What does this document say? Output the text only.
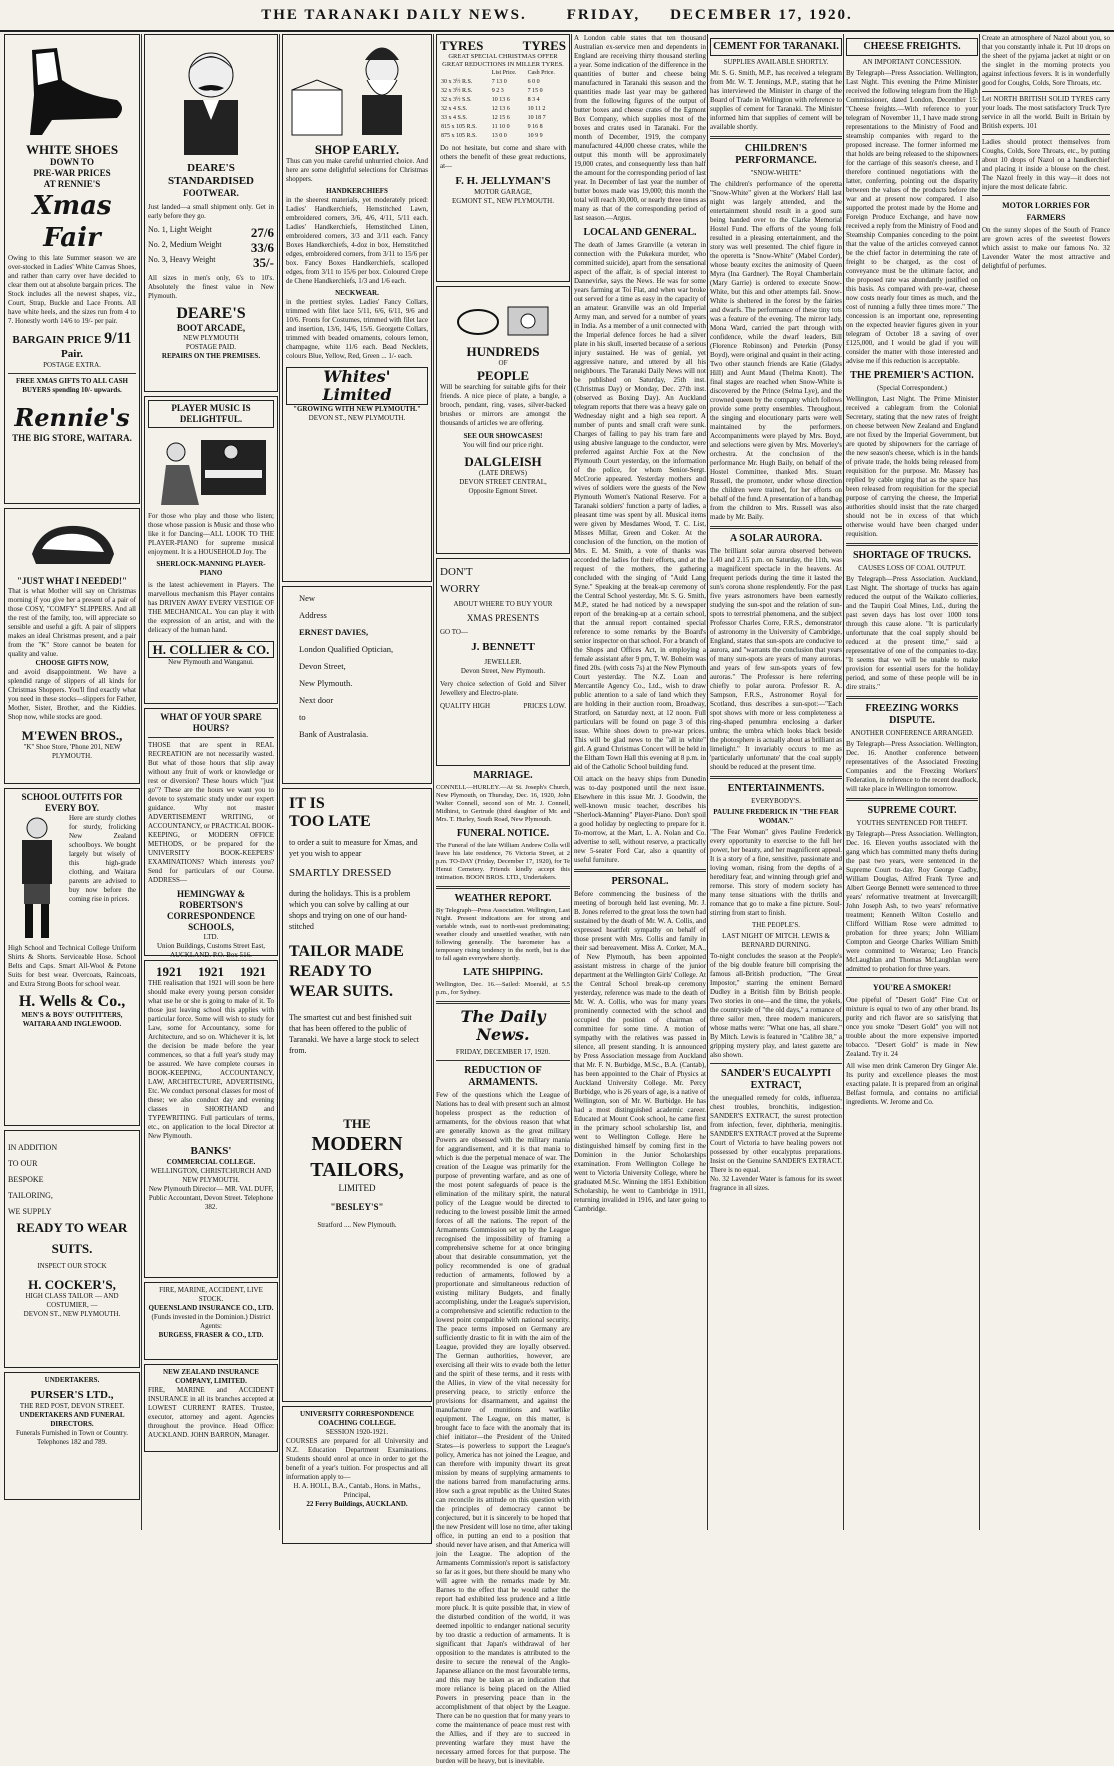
THE TARANAKI DAILY NEWS.	FRIDAY, DECEMBER 17, 1920.
WHITE SHOES
DOWN TO
PRE-WAR PRICES
AT RENNIE'S
Xmas Fair
Owing to this late Summer season we are over-stocked in Ladies' White Canvas Shoes, and rather than carry over have decided to clear them out at absolute bargain prices. The Stock includes all the newest shapes, viz., Court, Strap, Buckle and Lace Fronts. All have white heels, and the sizes run from 4 to 7. Honestly worth 14/6 to 19/- per pair.
BARGAIN PRICE 9/11 Pair.
POSTAGE EXTRA.
FREE XMAS GIFTS TO ALL CASH BUYERS spending 10/- upwards.
Rennie's
THE BIG STORE, WAITARA.
"JUST WHAT I NEEDED!"
That is what Mother will say on Christmas morning if you give her a present of a pair of those COSY, "COMFY" SLIPPERS. And all the rest of the family, too, will appreciate so sensible and useful a gift. A pair of slippers makes an ideal Christmas present, and a pair from the "K" Store cannot be beaten for quality and value.
CHOOSE GIFTS NOW,
and avoid disappointment. We have a splendid range of slippers of all kinds for Christmas Shoppers. You'll find exactly what you need in these stocks—slippers for Father, Mother, Sister, Brother, and the Kiddies. Shop now, while stocks are good.
M'EWEN BROS.,
"K" Shoe Store, 'Phone 201, NEW PLYMOUTH.
SCHOOL OUTFITS FOR EVERY BOY.
Here are sturdy clothes for sturdy, frolicking New Zealand schoolboys. We bought largely but wisely of this high-grade clothing, and Waitara parents are advised to buy now before the coming rise in prices.
High School and Technical College Uniform Shirts & Shorts. Serviceable Hose. School Belts and Caps. Smart All-Wool & Petone Suits for best wear. Overcoats, Raincoats, and Extra Strong Boots for school wear.
H. Wells & Co.,
MEN'S & BOYS' OUTFITTERS,
WAITARA AND INGLEWOOD.
IN ADDITION
TO OUR
BESPOKE
TAILORING,
WE SUPPLY
READY TO WEAR
SUITS.
INSPECT OUR STOCK
H. COCKER'S,
HIGH CLASS TAILOR — AND COSTUMIER, —
DEVON ST., NEW PLYMOUTH.
UNDERTAKERS.
PURSER'S LTD.,
THE RED POST, DEVON STREET.
UNDERTAKERS AND FUNERAL DIRECTORS.
Funerals Furnished in Town or Country. Telephones 182 and 789.
DEARE'S
STANDARDISED
FOOTWEAR.
Just landed—a small shipment only. Get in early before they go.
No. 1, Light Weight	27/6
No. 2, Medium Weight 33/6
No. 3, Heavy Weight	35/-
All sizes in men's only, 6's to 10's. Absolutely the finest value in New Plymouth.
DEARE'S
BOOT ARCADE,
NEW PLYMOUTH
POSTAGE PAID.
REPAIRS ON THE PREMISES.
PLAYER MUSIC IS DELIGHTFUL.
For those who play and those who listen; those whose passion is Music and those who like it for Dancing—ALL LOOK TO THE PLAYER-PIANO for supreme musical enjoyment. It is a HOUSEHOLD Joy. The
SHERLOCK-MANNING PLAYER-PIANO
is the latest achievement in Players. The marvellous mechanism this Player contains has DRIVEN AWAY EVERY VESTIGE OF THE MECHANICAL. You can play it with the expression of an artist, and with the delicacy of the human hand.
H. COLLIER & CO.
New Plymouth and Wanganui.
WHAT OF YOUR SPARE HOURS?
THOSE that are spent in REAL RECREATION are not necessarily wasted. But what of those hours that slip away without any fruit of work or knowledge or rest or diversion? These hours which "just go"? These are the hours we want you to devote to systematic study under our expert guidance. Why not master ADVERTISEMENT WRITING, or ACCOUNTANCY, or PRACTICAL BOOK-KEEPING, or MODERN OFFICE METHODS, or be prepared for the UNIVERSITY BOOK-KEEPERS' EXAMINATIONS? Which interests you? Send for particulars of our Course. ADDRESS—
HEMINGWAY & ROBERTSON'S CORRESPONDENCE SCHOOLS,
LTD.
Union Buildings, Customs Street East, AUCKLAND. P.O. Box 516.
1921 1921 1921
THE realisation that 1921 will soon be here should make every young person consider what use he or she is going to make of it. To those just leaving school this applies with particular force. Some will wish to study for Law, some for Accountancy, some for Architecture, and so on. Whichever it is, let the decision be made before the year commences, so that a full year's study may be assured. We have complete courses in BOOK-KEEPING, ACCOUNTANCY, LAW, ARCHITECTURE, ADVERTISING, Etc. We conduct personal classes for most of these; we also conduct day and evening classes in SHORTHAND and TYPEWRITING. Full particulars of terms, etc., on application to the local Director at New Plymouth.
BANKS'
COMMERCIAL COLLEGE.
WELLINGTON, CHRISTCHURCH AND NEW PLYMOUTH.
New Plymouth Director— MR. VAL DUFF, Public Accountant, Devon Street. Telephone 382.
FIRE, MARINE, ACCIDENT, LIVE STOCK.
QUEENSLAND INSURANCE CO., LTD.
(Funds invested in the Dominion.) District Agents:
BURGESS, FRASER & CO., LTD.
NEW ZEALAND INSURANCE COMPANY, LIMITED.
FIRE, MARINE and ACCIDENT INSURANCE in all its branches accepted at LOWEST CURRENT RATES. Trustee, executor, attorney and agent. Agencies throughout the province. Head Office: AUCKLAND. JOHN BARRON, Manager.
SHOP EARLY.
Thus can you make careful unhurried choice. And here are some delightful selections for Christmas shoppers.
HANDKERCHIEFS
in the sheerest materials, yet moderately priced: Ladies' Handkerchiefs, Hemstitched Lawn, embroidered corners, 3/6, 4/6, 4/11, 5/11 each. Ladies' Handkerchiefs, Hemstitched Linen, embroidered corners, 3/3 and 3/11 each. Fancy Boxes Handkerchiefs, 4-doz in box, Hemstitched edges, embroidered corners, from 3/11 to 15/6 per box. Fancy Boxes Handkerchiefs, scalloped edges, from 3/11 to 15/6 per box. Coloured Crepe de Chene Handkerchiefs, 1/3 and 1/6 each.
NECKWEAR.
in the prettiest styles. Ladies' Fancy Collars, trimmed with filet lace 5/11, 6/6, 6/11, 9/6 and 10/6. Fronts for Costumes, trimmed with filet lace and insertion, 13/6, 14/6, 15/6. Georgette Collars, trimmed with beaded ornaments, colours lemon, champagne, white 11/6 each. Bead Necklets, colours Blue, Yellow, Red, Green ... 1/- each.
Whites' Limited
"GROWING WITH NEW PLYMOUTH."
DEVON ST., NEW PLYMOUTH.
New
Address
ERNEST DAVIES,
London Qualified Optician,
Devon Street,
New Plymouth.
Next door
to
Bank of Australasia.
IT IS
TOO LATE
to order a suit to measure for Xmas, and yet you wish to appear
SMARTLY DRESSED
during the holidays. This is a problem which you can solve by calling at our shops and trying on one of our hand-stitched
TAILOR MADE READY TO WEAR SUITS.
The smartest cut and best finished suit that has been offered to the public of Taranaki. We have a large stock to select from.
THE
MODERN TAILORS,
LIMITED
"BESLEY'S"
Stratford .... New Plymouth.
UNIVERSITY CORRESPONDENCE COACHING COLLEGE.
SESSION 1920-1921.
COURSES are prepared for all University and N.Z. Education Department Examinations. Students should enrol at once in order to get the benefit of a year's tuition. For prospectus and all information apply to—
H. A. HOLL, B.A., Cantab., Hons. in Maths., Principal,
22 Ferry Buildings, AUCKLAND.
TYRES	TYRES
GREAT SPECIAL CHRISTMAS OFFER GREAT REDUCTIONS IN MILLER TYRES.
	List Price.	Cash Price.
30 x 3½ R.S.	7 13 0	6 0 0
32 x 3½ R.S.	9 2 3	7 15 0
32 x 3½ S.S.	10 13 6	8 3 4
32 x 4 S.S.	12 13 6	10 11 2
33 x 4 S.S.	12 15 6	10 18 7
815 x 105 R.S.	11 10 0	9 16 8
875 x 105 R.S.	13 0 0	10 9 9
Do not hesitate, but come and share with others the benefit of these great reductions, at—
F. H. JELLYMAN'S
MOTOR GARAGE,
EGMONT ST., NEW PLYMOUTH.
HUNDREDS
OF
PEOPLE
Will be searching for suitable gifts for their friends. A nice piece of plate, a bangle, a brooch, pendant, ring, vases, silver-backed brushes or mirrors are amongst the thousands of articles we are offering.
SEE OUR SHOWCASES!
You will find our price right.
DALGLEISH
(LATE DREWS)
DEVON STREET CENTRAL,
Opposite Egmont Street.
DON'T
WORRY
ABOUT WHERE TO BUY YOUR
XMAS PRESENTS
GO TO—
J. BENNETT
JEWELLER.
Devon Street, New Plymouth.
Very choice selection of Gold and Silver Jewellery and Electro-plate.
QUALITY HIGH	PRICES LOW.
MARRIAGE.
CONNELL—HURLEY.—At St. Joseph's Church, New Plymouth, on Thursday, Dec. 16, 1920, John Walter Connell, second son of Mr. J. Connell, Midhirst, to Gertrude (third daughter of Mr. and Mrs. T. Hurley, South Road, New Plymouth.
FUNERAL NOTICE.
The Funeral of the late William Andrew Colla will leave his late residence, 76 Victoria Street, at 2 p.m. TO-DAY (Friday, December 17, 1920), for Te Henui Cemetery. Friends kindly accept this intimation. BOON BROS. LTD., Undertakers.
WEATHER REPORT.
By Telegraph—Press Association. Wellington, Last Night. Present indications are for strong and variable winds, east to north-east predominating; weather cloudy and unsettled weather, with rain following generally. The barometer has a temporary rising tendency in the north, but is due to fall again everywhere shortly.
LATE SHIPPING.
Wellington, Dec. 16.—Sailed: Moerakl, at 5.5 p.m., for Sydney.
The Daily News.
FRIDAY, DECEMBER 17, 1920.
REDUCTION OF ARMAMENTS.
Few of the questions which the League of Nations has to deal with present such an almost hopeless prospect as the reduction of armaments, for the obvious reason that what are generally known as the great military Powers are obsessed with the military mania for aggrandisement, and it is that mania to which is due the perpetual menace of war. The creation of the League was primarily for the purpose of preventing warfare, and as one of the most potent safeguards of peace is the elimination of the military spirit, the natural policy of the League would be directed to reducing to the lowest possible limit the armed forces of all the nations. The report of the Armaments Commission set up by the League recognised the impossibility of framing a comprehensive scheme for at once bringing about that desirable consummation, yet the policy recommended is one of gradual reduction of armaments, followed by a proportionate and simultaneous reduction of existing military Budgets, and finally accomplishing, under the League's supervision, a comprehensive and scientific reduction to the lowest point compatible with national security. The peace terms imposed on Germany are sufficiently drastic to fit in with the aim of the League, provided they are loyally observed. The German authorities, however, are exercising all their wits to evade both the letter and the spirit of these terms, and it rests with the Allies, in view of the vital necessity for preserving peace, to strictly enforce the provisions for disarmament, and against the manufacture of munitions and warlike equipment. The League, on this matter, is brought face to face with the anomaly that its chief initiator—the President of the United States—is powerless to support the League's policy, America has not joined the League, and can therefore with impunity thwart its great mission by means of supplying armaments to the nations barred from manufacturing arms. How such a great republic as the United States can reconcile its attitude on this question with the principles of democracy cannot be conjectured, but it is sincerely to be hoped that the new President will lose no time, after taking office, in putting an end to a position that should never have arisen, and that America will join the League. The adoption of the Armaments Commission's report is satisfactory so far as it goes, but there should be many who will agree with the remarks made by Mr. Barnes to the effect that he would rather the report had exhibited less prudence and a little more pluck. It is quite possible that, in view of the disturbed condition of the world, it was deemed inpolitic to endanger national security by too drastic a reduction of armaments. It is significant that Japan's withdrawal of her opposition to the mandates is attributed to the desire to secure the renewal of the Anglo-Japanese alliance on the most favourable terms, and this may be taken as an indication that more reliance is being placed on the Allied Powers in preserving peace than in the accomplishment of that object by the League. There can be no question that for many years to come the maintenance of peace must rest with the Allies, and if they are to succeed in preventing warfare they must have the necessary armed forces for that purpose. The burden will be heavy, but is inevitable.
A London cable states that ten thousand Australian ex-service men and dependents in England are receiving thirty thousand sterling a year. Some indication of the difference in the quantities of butter and cheese being manufactured in Taranaki this season and the quantities made last year may be gathered from the following figures of the output of butter boxes and cheese crates of the Egmont Box Company, which supplies most of the boxes and crates used in Taranaki. For the month of December, 1919, the company manufactured 44,000 cheese crates, while the output this month will be approximately 19,000 crates, and consequently less than half the amount for the corresponding period of last year. In December of last year the number of butter boxes made was 19,000; this month the total will reach 30,000, or nearly three times as many as that of the corresponding period of last season.—Argus.
LOCAL AND GENERAL.
The death of James Granville (a veteran in connection with the Pukekura murder, who committed suicide), apart from the sensational aspect of the affair, is of special interest to Dannevirke, says the News. He was for some years farming at Toi Flat, and when war broke out served for a time as easy in the capacity of an amateur. Granville was an old Imperial Army man, and served for a number of years in India. As a member of a unit connected with the Imperial defence forces he had a silver plate in his skull, inserted because of a serious injury sustained. He was of genial, yet aggressive nature, and uttered by all his neighbours. The Taranaki Daily News will not be published on Saturday, 25th inst. (Christmas Day) or Monday, Dec. 27th inst. (observed as Boxing Day). An Auckland telegram reports that there was a heavy gale on Wednesday night and a high sea report. A number of punts and small craft were sunk. Charges of failing to pay his tram fare and using abusive language to the conductor, were preferred against Archie Fox at the New Plymouth Court yesterday, on the information of the police, for whom Senior-Sergt. McCrorie appeared. Yesterday mothers and wives of soldiers were the guests of the New Plymouth Women's National Reserve. For a Taranaki soldiers' function a party of ladies, a pleasant time was spent by all. Musical items were given by Mesdames Wood, T. C. List, Misses Millar, Green and Coker. At the conclusion of the function, on the motion of Mrs. E. M. Smith, a vote of thanks was accorded the ladies for their efforts, and at the request of the mothers, the gathering concluded with the singing of "Auld Lang Syne." Speaking at the break-up ceremony of the Central School yesterday, Mr. S. G. Smith, M.P., stated he had noticed by a newspaper report of the breaking-up at a certain school, that the annual report contained special reference to some remarks by the Board's senior inspector on that school. For a branch of the Shops and Offices Act, in employing a female assistant after 9 pm, T. W. Boheim was fined 20s. (with costs 7s) at the New Plymouth Court yesterday. The N.Z. Loan and Mercantile Agency Co., Ltd., wish to draw public attention to a sale of land which they are holding in their auction room, Broadway, Stratford, on Saturday next, at 12 noon. Full particulars will be found on page 3 of this issue. White shoes down to pre-war prices. This will be glad news to the "all in white" girl. A grand Christmas Concert will be held in the Eltham Town Hall this evening at 8 p.m. in aid of the Catholic School building fund.
Oil attack on the heavy ships from Dunedin was to-day postponed until the next issue. Elsewhere in this issue Mr. J. Goodwin, the well-known music teacher, describes his "Sherlock-Manning" Player-Piano. Don't spoil a good holiday by neglecting to prepare for it. To-morrow, at the Mart, L. A. Nolan and Co. advertise to sell, without reserve, a practically new 5-seater Ford Car, also a quantity of useful furniture.
PERSONAL.
Before commencing the business of the meeting of borough held last evening, Mr. J. B. Jones referred to the great loss the town had sustained by the death of Mr. W. A. Collis, and expressed heartfelt sympathy on behalf of those present with Mrs. Collis and family in their sad bereavement. Miss A. Corker, M.A., of New Plymouth, has been appointed assistant mistress in charge of the junior department at the Wellington Girls' College. At the Central School break-up ceremony yesterday, reference was made to the death of Mr. W. A. Collis, who was for many years prominently connected with the school and occupied the position of chairman of committee for some time. A motion of sympathy with the relatives was passed in silence, all present standing. It is announced by Press Association message from Auckland that Mr. F. N. Burbidge, M.Sc., B.A. (Cantab), has been appointed to the Chair of Physics at Auckland University College. Mr. Percy Burbidge, who is 26 years of age, is a native of Wellington, son of Mr. W. Burbidge. He has had a most distinguished academic career. Educated at Mount Cook school, he came first in the primary school scholarship list, and went to Wellington College. Here he distinguished himself by coming first in the Dominion in the Junior Scholarships examination. From Wellington College he went to Victoria University College, where he graduated M.Sc. Winning the 1851 Exhibition Scholarship, he went to Cambridge in 1911, returning invalided in 1916, and later going to Cambridge.
CEMENT FOR TARANAKI.
SUPPLIES AVAILABLE SHORTLY.
Mr. S. G. Smith, M.P., has received a telegram from Mr. W. T. Jennings, M.P., stating that he has interviewed the Minister in charge of the Board of Trade in Wellington with reference to supplies of cement for Taranaki. The Minister informed him that supplies of cement will be available shortly.
CHILDREN'S PERFORMANCE.
"SNOW-WHITE"
The children's performance of the operetta "Snow-White" given at the Workers' Hall last night was largely attended, and the entertainment should result in a good sum being handed over to the Clarke Memorial Hostel Fund. The efforts of the young folk resulted in a pleasing entertainment, and the story was well presented. The chief figure in the operetta is "Snow-White" (Mabel Corder), whose beauty excites the animosity of Queen Myra (Ina Gardner). The Royal Chamberlain (Mary Garrie) is ordered to execute Snow-White, but this and other attempts fail. Snow-White is sheltered in the forest by the fairies and dwarfs. The performance of these tiny tots was a feature of the evening. The mirror lady, Mona Ward, carried the part through with confidence, while the dwarf leaders, Bill (Florence Robinson) and Peterkin (Ponsy Boyd), were original and quaint in their acting. Two other staunch friends are Katie (Gladys Hill) and Aunt Maud (Thelma Knott). The final stages are reached when Snow-White is discovered by the Prince (Selma Lye), and the crowned queen by the company which follows provide some pretty ensembles. Throughout, the singing and elocutionary parts were well maintained by the performers. Accompaniments were played by Mrs. Boyd, and selections were given by Mrs. Moverley's orchestra. At the conclusion of the performance Mr. Hugh Baily, on behalf of the Hostel Committee, thanked Mrs. Stuart Russell, the promoter, under whose direction the children were trained, for her efforts on behalf of the fund. A presentation of a handbag from the children to Mrs. Russell was also made by Mr. Baily.
A SOLAR AURORA.
The brilliant solar aurora observed between 1.40 and 2.15 p.m. on Saturday, the 11th, was a magnificent spectacle in the heavens. At frequent periods during the time it lasted the sun's corona shone resplendently. For the past five years astronomers have been earnestly studying the sun-spot and the relation of sun-spots to terrestrial phenomena, and the subject Professor Charles Corre, F.R.S., demonstrator of astronomy in the University of Cambridge, England, states that sun-spots are conducive to aurora, and "warrants the conclusion that years of many sun-spots are years of many auroras, and years of few sun-spots years of few auroras." The Professor is here referring chiefly to polar aurora. Professor R. A. Sampson, F.R.S., Astronomer Royal for Scotland, thus describes a sun-spot:—"Each spot shows with more or less completeness a ring-shaped penumbra enclosing a darker umbra; the umbra which looks black beside the photosphere is actually about as brilliant as limelight." It invariably occurs to me as 'particularly unfortunate' that the coal supply should be reduced at the present time.
ENTERTAINMENTS.
EVERYBODY'S.
PAULINE FREDERICK IN "THE FEAR WOMAN."
"The Fear Woman" gives Pauline Frederick every opportunity to exercise to the full her power, her beauty, and her magnificent appeal. It is a story of a fine, sensitive, passionate and loving woman, rising from the depths of a hereditary fear, and winning through grief and remorse. This story of modern society has many tense situations with the thrills and romance that go to make a fine picture. Soul-stirring from start to finish.
THE PEOPLE'S.
LAST NIGHT OF MITCH. LEWIS & BERNARD DURNING.
To-night concludes the season at the People's of the big double feature bill comprising the famous all-British production, "The Great Impostor," starring the eminent Bernard Dudley in a British film by British people. Two stories in one—and the time, the yokels, the countryside of "the old days," a romance of three sailor men, three modern manicurers, whose maths were: "What one has, all share." By Mitch. Lewis is featured in "Calibre 38," a gripping mystery play, and latest gazette are also shown.
SANDER'S EUCALYPTI EXTRACT,
the unequalled remedy for colds, influenza, chest troubles, bronchitis, indigestion. SANDER'S EXTRACT, the surest protection from infection, fever, diphtheria, meningitis. SANDER'S EXTRACT proved at the Supreme Court of Victoria to have healing powers not possessed by other eucalyptus preparations. Insist on the Genuine SANDER'S EXTRACT. There is no equal.
No. 32 Lavender Water is famous for its sweet fragrance in all sizes.
CHEESE FREIGHTS.
AN IMPORTANT CONCESSION.
By Telegraph—Press Association. Wellington, Last Night. This evening the Prime Minister received the following telegram from the High Commissioner, dated London, December 15: "Cheese freights.—With reference to your telegram of November 11, I have made strong representations to the Ministry of Food and steamship companies with regard to the proposed increase. The former informed me that holds are being released to the shipowners for the carriage of this season's cheese, and I therefore continued negotiations with the latter, conferring, pointing out the disparity between the values of the products before the war and at present now compared. I also supported the protest made by the Home and Foreign Produce Exchange, and have now received a reply from the Ministry of Food and Steamship Companies conceding to the point that the value of the articles conveyed cannot be the chief factor in determining the rate of freight to be charged, as the cost of conveyance must be the ultimate factor, and the proposed rate was abundantly justified on this basis. As compared with pre-war, cheese now costs nearly four times as much, and the cost of running a fully three times more." The concession is an important one, representing on the expected heavier figures given in your telegram of October 18 a saving of over £125,000, and I would be glad if you will consider the matter with those interested and advise me if this reduction is acceptable.
THE PREMIER'S ACTION.
(Special Correspondent.)
Wellington, Last Night. The Prime Minister received a cablegram from the Colonial Secretary, stating that the new rates of freight on cheese between New Zealand and England are not fixed by the Imperial Government, but are quoted by shipowners for the carriage of the new season's cheese, which is in the hands of private trade, the holds being released from requisition for the purpose. Mr. Massey has replied by cable urging that as the space has been released from requisition for the special purpose of carrying the cheese, the Imperial authorities should insist that the rate charged should not be in excess of that which otherwise would have been charged under requisition.
SHORTAGE OF TRUCKS.
CAUSES LOSS OF COAL OUTPUT.
By Telegraph—Press Association. Auckland, Last Night. The shortage of trucks has again reduced the output of the Waikato collieries, and the Taupiri Coal Mines, Ltd., during the past seven days has lost over 1000 tons through this cause alone. "It is particularly unfortunate that the coal supply should be reduced at the present time," said a representative of one of the companies to-day. "It seems that we will be unable to make provision for essential users for the holiday period, and some of these people will be in dire straits."
FREEZING WORKS DISPUTE.
ANOTHER CONFERENCE ARRANGED.
By Telegraph—Press Association. Wellington, Dec. 16. Another conference between representatives of the Associated Freezing Companies and the Freezing Workers' Federation, in reference to the recent deadlock, will take place in Wellington tomorrow.
SUPREME COURT.
YOUTHS SENTENCED FOR THEFT.
By Telegraph—Press Association. Wellington, Dec. 16. Eleven youths associated with the gang which has committed many thefts during the past two years, were sentenced in the Supreme Court to-day. Roy George Cadby, William Douglas, Alfred Frank Tyree and Albert George Bennett were sentenced to three years' reformative treatment at Invercargill; John Joseph Ash, to two years' reformative treatment; Kenneth Wilton Costello and Clifford William Rose were admitted to probation for three years; John William Compton and George Charles William Smith were committed to Weraroa; Leo Francis McLaughlan and Thomas McLaughlan were admitted to probation for three years.
YOU'RE A SMOKER!
One pipeful of "Desert Gold" Fine Cut or mixture is equal to two of any other brand. Its purity and rich flavor are so satisfying that once you smoke "Desert Gold" you will not trouble about the more expensive imported tobacco. "Desert Gold" is made in New Zealand. Try it. 24
All wise men drink Cameron Dry Ginger Ale. Its purity and excellence pleases the most exacting palate. It is prepared from an original Belfast formula, and contains no artificial ingredients. W. Jerome and Co.
Create an atmosphere of Nazol about you, so that you constantly inhale it. Put 10 drops on the sheet of the pyjama jacket at night or on the singlet in the morning protects you against infectious fevers. It is in wonderfully good for Coughs, Colds, Sore Throats, etc.
Let NORTH BRITISH SOLID TYRES carry your loads. The most satisfactory Truck Tyre service in all the world. Built in Britain by British experts. 101
Ladies should protect themselves from Coughs, Colds, Sore Throats, etc., by putting about 10 drops of Nazol on a handkerchief and placing it inside a blouse on the chest. The Nazol freely in this way—it does not injure the most delicate fabric.
MOTOR LORRIES FOR FARMERS
On the sunny slopes of the South of France are grown acres of the sweetest flowers which assist to make our famous No. 32 Lavender Water the most attractive and delightful of perfumes.
